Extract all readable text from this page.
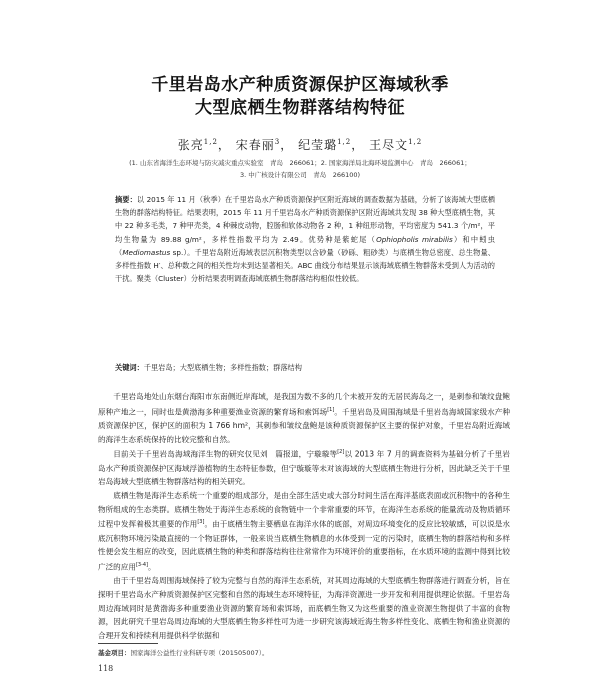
千里岩岛水产种质资源保护区海域秋季
大型底栖生物群落结构特征
张亮$^{1,2}$， 宋春丽$^3$， 纪莹璐$^{1,2}$， 王尽文$^{1,2}$
(1. 山东省海洋生态环境与防灾减灾重点实验室　青岛　266061；2. 国家海洋局北海环境监测中心　青岛　266061；
3. 中广核设计有限公司　青岛　266100)
摘要：以 2015 年 11 月（秋季）在千里岩岛水产种质资源保护区附近海域的调查数据为基础，分析了该海域大型底栖生物的群落结构特征。结果表明，2015 年 11 月千里岩岛水产种质资源保护区附近海域共发现 38 种大型底栖生物，其中 22 种多毛类，7 种甲壳类，4 种棘皮动物，腔肠和软体动物各 2 种，1 种纽形动物，平均密度为 541.3 个/m²，平均生物量为 89.88 g/m²，多样性指数平均为 2.49。优势种是紫蛇尾（Ophiopholis mirabilis）和中蚓虫（Mediomastus sp.）。千里岩岛附近海域表层沉积物类型以含砂量（砂砾、粗砂类）与底栖生物总密度、总生物量、多样性指数 H′、总种数之间的相关性均未到达显著相关。ABC 曲线分布结果显示该海域底栖生物群落未受到人为活动的干扰。聚类（Cluster）分析结果表明调查海域底栖生物群落结构相似性较低。
关键词：千里岩岛；大型底栖生物；多样性指数；群落结构

千里岩岛地处山东烟台海阳市东南侧近岸海域，是我国为数不多的几个未被开发的无居民海岛之一，是刺参和皱纹盘鲍原种产地之一，同时也是黄渤海多种重要渔业资源的繁育场和索饵场[1]。千里岩岛及周围海域是千里岩岛海域国家级水产种质资源保护区，保护区的面积为 1 766 hm²，其刺参和皱纹盘鲍是该种质资源保护区主要的保护对象，千里岩岛附近海域的海洋生态系统保持的比较完整和自然。

目前关于千里岩岛海域海洋生物的研究仅见刘　篇报道，宁璇璇等[2]以 2013 年 7 月的调查资料为基础分析了千里岩岛水产种质资源保护区海域浮游植物的生态特征参数，但宁璇璇等未对该海域的大型底栖生物进行分析，因此缺乏关于千里岩岛海域大型底栖生物群落结构的相关研究。

底栖生物是海洋生态系统一个重要的组成部分，是由全部生活史或大部分时间生活在海洋基底表面或沉积物中的各种生物所组成的生态类群。底栖生物处于海洋生态系统的食物链中一个非常重要的环节，在海洋生态系统的能量流动及物质循环过程中发挥着极其重要的作用[3]。由于底栖生物主要栖息在海洋水体的底部，对周边环境变化的反应比较敏感，可以说是水底沉积物环境污染最直接的一个物证群体，一般来说当底栖生物栖息的水体受到一定的污染时，底栖生物的群落结构和多样性便会发生相应的改变，因此底栖生物的种类和群落结构往往常常作为环境评价的重要指标，在水质环境的监测中得到比较广泛的应用[3-4]。

由于千里岩岛周围海域保持了较为完整与自然的海洋生态系统，对其周边海域的大型底栖生物群落进行调查分析，旨在探明千里岩岛水产种质资源保护区完整和自然的海域生态环境特征，为海洋资源进一步开发和利用提供理论依据。千里岩岛周边海域同时是黄渤海多种重要渔业资源的繁育场和索饵场，而底栖生物又为这些重要的渔业资源生物提供了丰富的食物源，因此研究千里岩岛周边海域的大型底栖生物多样性可为进一步研究该海域近海生物多样性变化、底栖生物和渔业资源的合理开发和持续利用提供科学依据和

基金项目：国家海洋公益性行业科研专项（201505007）。
118
